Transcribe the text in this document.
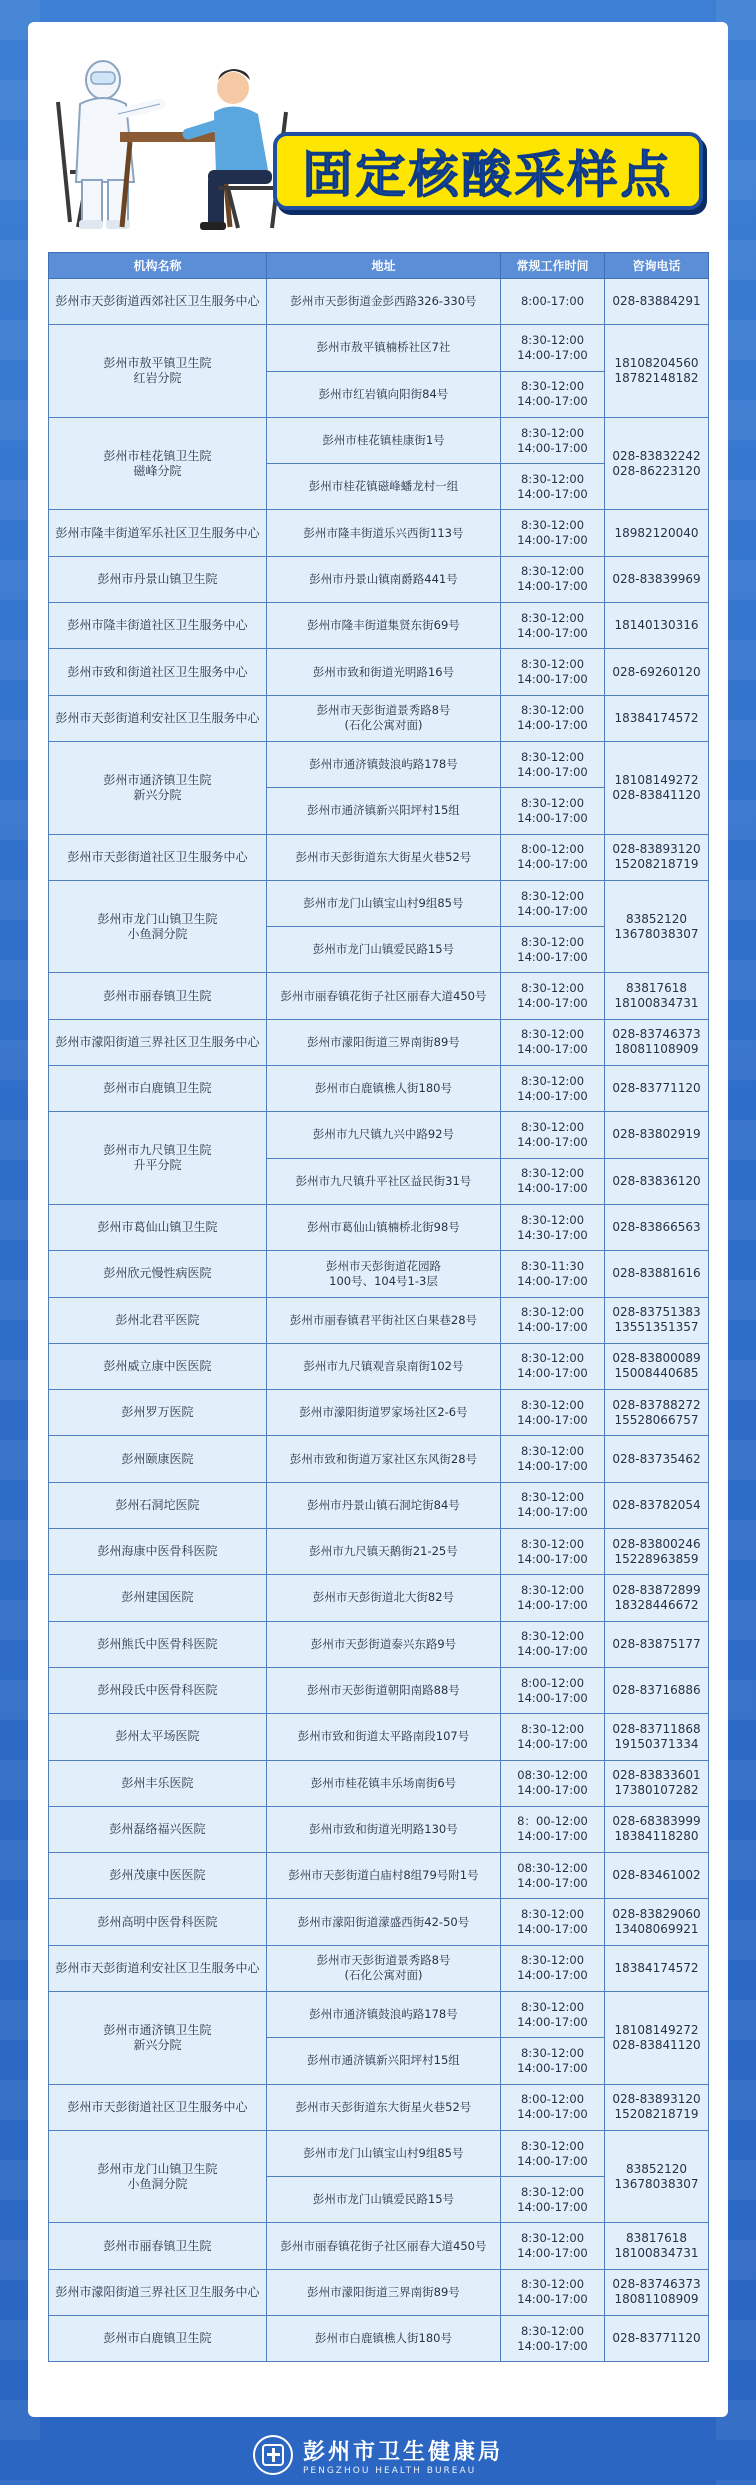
固定核酸采样点
机构名称	地址	常规工作时间	咨询电话
彭州市天彭街道西郊社区卫生服务中心	彭州市天彭街道金彭西路326-330号	8:00-17:00	028-83884291
彭州市敖平镇卫生院
红岩分院	彭州市敖平镇楠桥社区7社	8:30-12:00
14:00-17:00	18108204560
18782148182
	彭州市红岩镇向阳街84号	8:30-12:00
14:00-17:00	
彭州市桂花镇卫生院
磁峰分院	彭州市桂花镇桂康街1号	8:30-12:00
14:00-17:00	028-83832242
028-86223120
	彭州市桂花镇磁峰蟠龙村一组	8:30-12:00
14:00-17:00	
彭州市隆丰街道军乐社区卫生服务中心	彭州市隆丰街道乐兴西街113号	8:30-12:00
14:00-17:00	18982120040
彭州市丹景山镇卫生院	彭州市丹景山镇南爵路441号	8:30-12:00
14:00-17:00	028-83839969
彭州市隆丰街道社区卫生服务中心	彭州市隆丰街道集贤东街69号	8:30-12:00
14:00-17:00	18140130316
彭州市致和街道社区卫生服务中心	彭州市致和街道光明路16号	8:30-12:00
14:00-17:00	028-69260120
彭州市天彭街道利安社区卫生服务中心	彭州市天彭街道景秀路8号
(石化公寓对面)	8:30-12:00
14:00-17:00	18384174572
彭州市通济镇卫生院
新兴分院	彭州市通济镇鼓浪屿路178号	8:30-12:00
14:00-17:00	18108149272
028-83841120
	彭州市通济镇新兴阳坪村15组	8:30-12:00
14:00-17:00	
彭州市天彭街道社区卫生服务中心	彭州市天彭街道东大街星火巷52号	8:00-12:00
14:00-17:00	028-83893120
15208218719
彭州市龙门山镇卫生院
小鱼洞分院	彭州市龙门山镇宝山村9组85号	8:30-12:00
14:00-17:00	83852120
13678038307
	彭州市龙门山镇爱民路15号	8:30-12:00
14:00-17:00	
彭州市丽春镇卫生院	彭州市丽春镇花街子社区丽春大道450号	8:30-12:00
14:00-17:00	83817618
18100834731
彭州市濛阳街道三界社区卫生服务中心	彭州市濛阳街道三界南街89号	8:30-12:00
14:00-17:00	028-83746373
18081108909
彭州市白鹿镇卫生院	彭州市白鹿镇樵人街180号	8:30-12:00
14:00-17:00	028-83771120
彭州市九尺镇卫生院
升平分院	彭州市九尺镇九兴中路92号	8:30-12:00
14:00-17:00	028-83802919
	彭州市九尺镇升平社区益民街31号	8:30-12:00
14:00-17:00	028-83836120
彭州市葛仙山镇卫生院	彭州市葛仙山镇楠桥北街98号	8:30-12:00
14:30-17:00	028-83866563
彭州欣元慢性病医院	彭州市天彭街道花园路
100号、104号1-3层	8:30-11:30
14:00-17:00	028-83881616
彭州北君平医院	彭州市丽春镇君平街社区白果巷28号	8:30-12:00
14:00-17:00	028-83751383
13551351357
彭州威立康中医医院	彭州市九尺镇观音泉南街102号	8:30-12:00
14:00-17:00	028-83800089
15008440685
彭州罗万医院	彭州市濛阳街道罗家场社区2-6号	8:30-12:00
14:00-17:00	028-83788272
15528066757
彭州颐康医院	彭州市致和街道万家社区东风街28号	8:30-12:00
14:00-17:00	028-83735462
彭州石洞坨医院	彭州市丹景山镇石洞坨街84号	8:30-12:00
14:00-17:00	028-83782054
彭州海康中医骨科医院	彭州市九尺镇天鹅街21-25号	8:30-12:00
14:00-17:00	028-83800246
15228963859
彭州建国医院	彭州市天彭街道北大街82号	8:30-12:00
14:00-17:00	028-83872899
18328446672
彭州熊氏中医骨科医院	彭州市天彭街道泰兴东路9号	8:30-12:00
14:00-17:00	028-83875177
彭州段氏中医骨科医院	彭州市天彭街道朝阳南路88号	8:00-12:00
14:00-17:00	028-83716886
彭州太平场医院	彭州市致和街道太平路南段107号	8:30-12:00
14:00-17:00	028-83711868
19150371334
彭州丰乐医院	彭州市桂花镇丰乐场南街6号	08:30-12:00
14:00-17:00	028-83833601
17380107282
彭州磊络福兴医院	彭州市致和街道光明路130号	8：00-12:00
14:00-17:00	028-68383999
18384118280
彭州茂康中医医院	彭州市天彭街道白庙村8组79号附1号	08:30-12:00
14:00-17:00	028-83461002
彭州高明中医骨科医院	彭州市濛阳街道濛盛西街42-50号	8:30-12:00
14:00-17:00	028-83829060
13408069921
彭州市天彭街道利安社区卫生服务中心	彭州市天彭街道景秀路8号
(石化公寓对面)	8:30-12:00
14:00-17:00	18384174572
彭州市通济镇卫生院
新兴分院	彭州市通济镇鼓浪屿路178号	8:30-12:00
14:00-17:00	18108149272
028-83841120
	彭州市通济镇新兴阳坪村15组	8:30-12:00
14:00-17:00	
彭州市天彭街道社区卫生服务中心	彭州市天彭街道东大街星火巷52号	8:00-12:00
14:00-17:00	028-83893120
15208218719
彭州市龙门山镇卫生院
小鱼洞分院	彭州市龙门山镇宝山村9组85号	8:30-12:00
14:00-17:00	83852120
13678038307
	彭州市龙门山镇爱民路15号	8:30-12:00
14:00-17:00	
彭州市丽春镇卫生院	彭州市丽春镇花街子社区丽春大道450号	8:30-12:00
14:00-17:00	83817618
18100834731
彭州市濛阳街道三界社区卫生服务中心	彭州市濛阳街道三界南街89号	8:30-12:00
14:00-17:00	028-83746373
18081108909
彭州市白鹿镇卫生院	彭州市白鹿镇樵人街180号	8:30-12:00
14:00-17:00	028-83771120
彭州市卫生健康局
PENGZHOU HEALTH BUREAU
